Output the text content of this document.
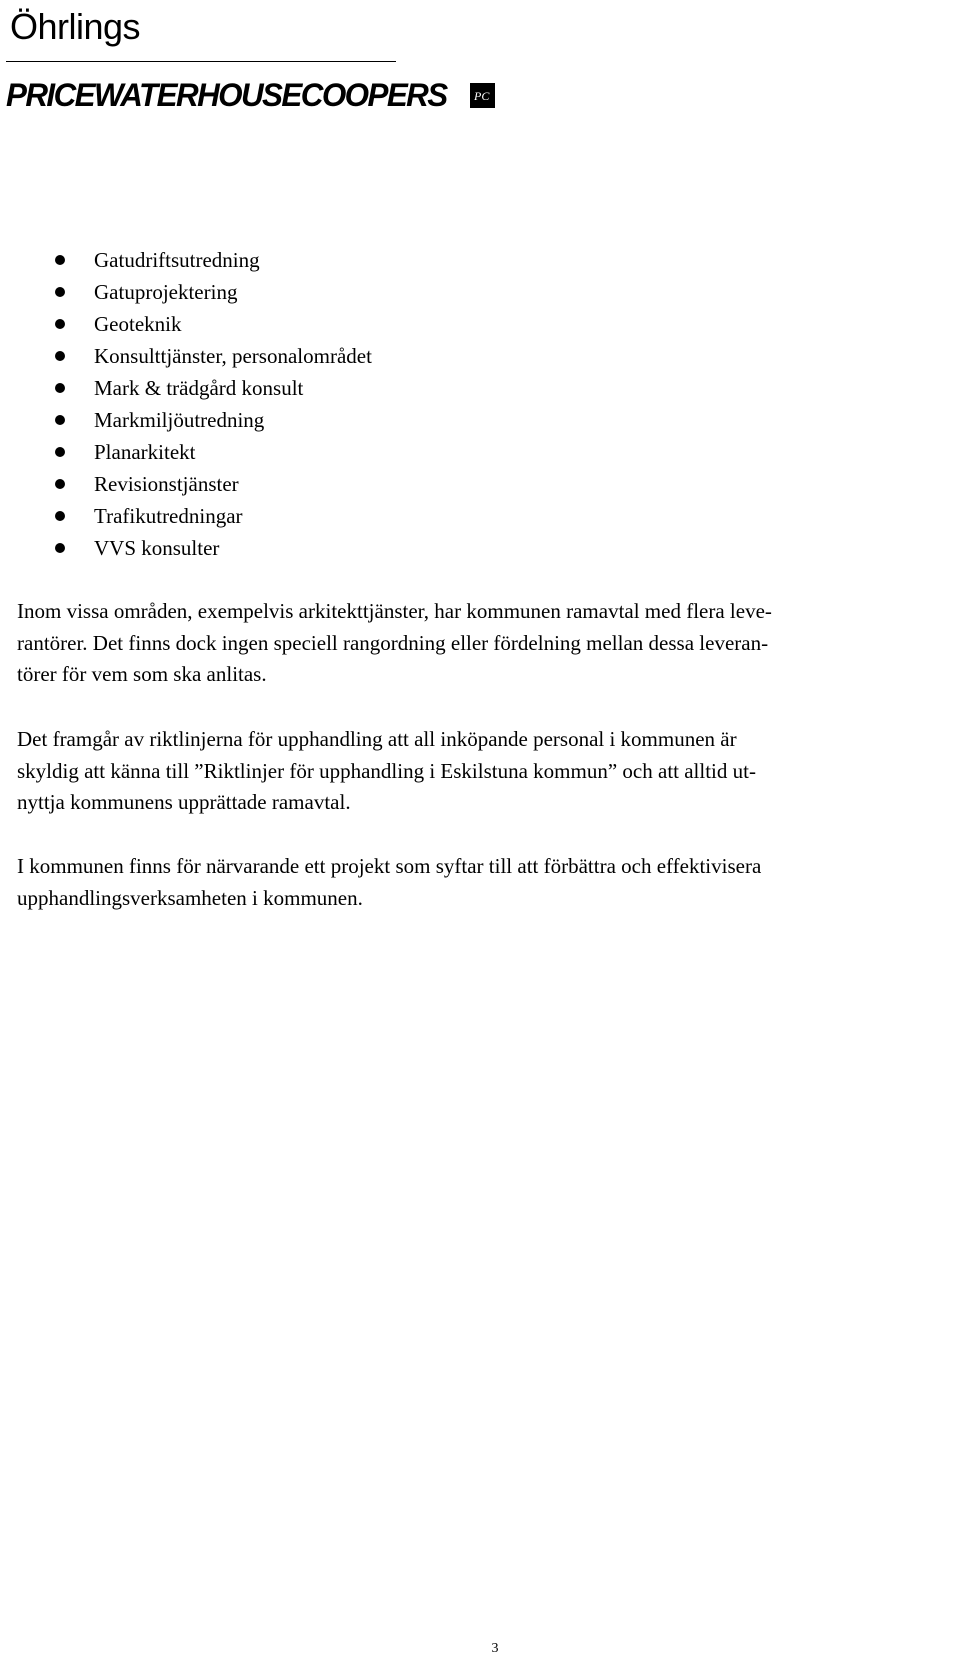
Öhrlings
PRICEWATERHOUSECOOPERS PC
Gatudriftsutredning
Gatuprojektering
Geoteknik
Konsulttjänster, personalområdet
Mark & trädgård konsult
Markmiljöutredning
Planarkitekt
Revisionstjänster
Trafikutredningar
VVS konsulter

Inom vissa områden, exempelvis arkitekttjänster, har kommunen ramavtal med flera leve-
rantörer. Det finns dock ingen speciell rangordning eller fördelning mellan dessa leveran-
törer för vem som ska anlitas.

Det framgår av riktlinjerna för upphandling att all inköpande personal i kommunen är
skyldig att känna till ”Riktlinjer för upphandling i Eskilstuna kommun” och att alltid ut-
nyttja kommunens upprättade ramavtal.

I kommunen finns för närvarande ett projekt som syftar till att förbättra och effektivisera
upphandlingsverksamheten i kommunen.

3
